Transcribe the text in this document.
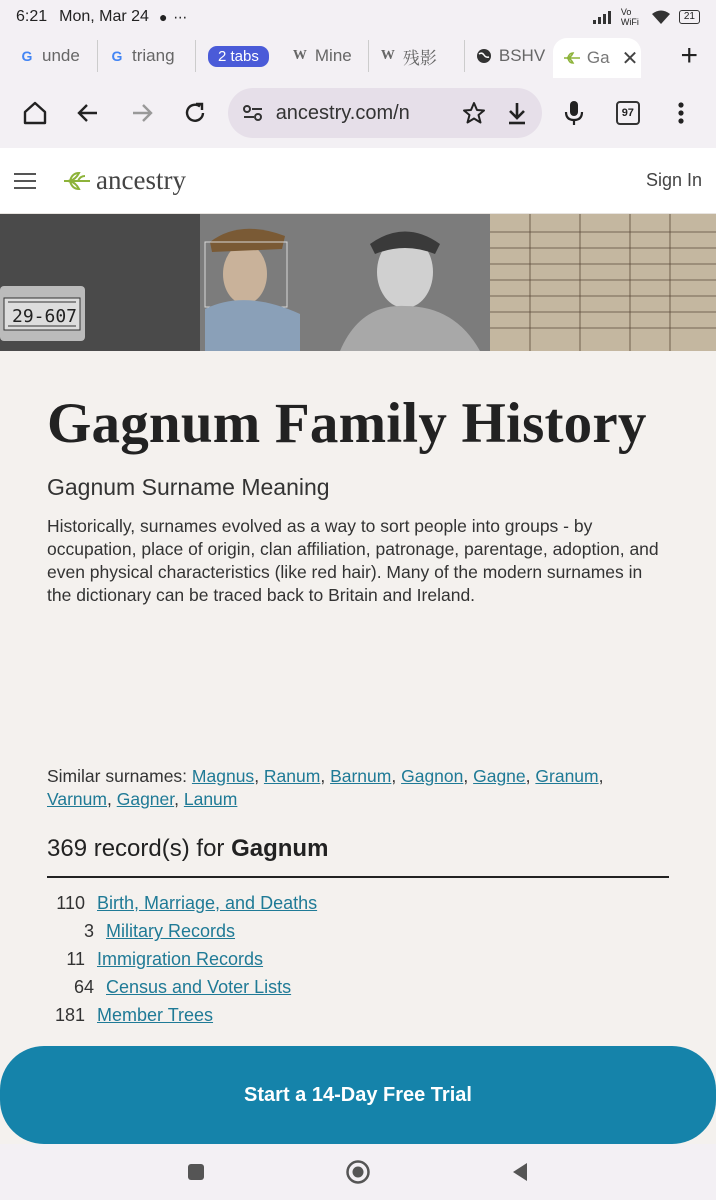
6:21 Mon, Mar 24 ● ⋯	Vo WiFi	21
G unde G triang	2 tabs	W Mine W 残影	BSHV Ga ✕ +
ancestry.com/n	97
ancestry	Sign In
29-607
Gagnum Family History
Gagnum Surname Meaning

Historically, surnames evolved as a way to sort people into groups - by occupation, place of origin, clan affiliation, patronage, parentage, adoption, and even physical characteristics (like red hair). Many of the modern surnames in the dictionary can be traced back to Britain and Ireland.

Similar surnames: Magnus, Ranum, Barnum, Gagnon, Gagne, Granum, Varnum, Gagner, Lanum
369 record(s) for Gagnum
110 Birth, Marriage, and Deaths
3 Military Records
11 Immigration Records
64 Census and Voter Lists
181 Member Trees
Start a 14-Day Free Trial
